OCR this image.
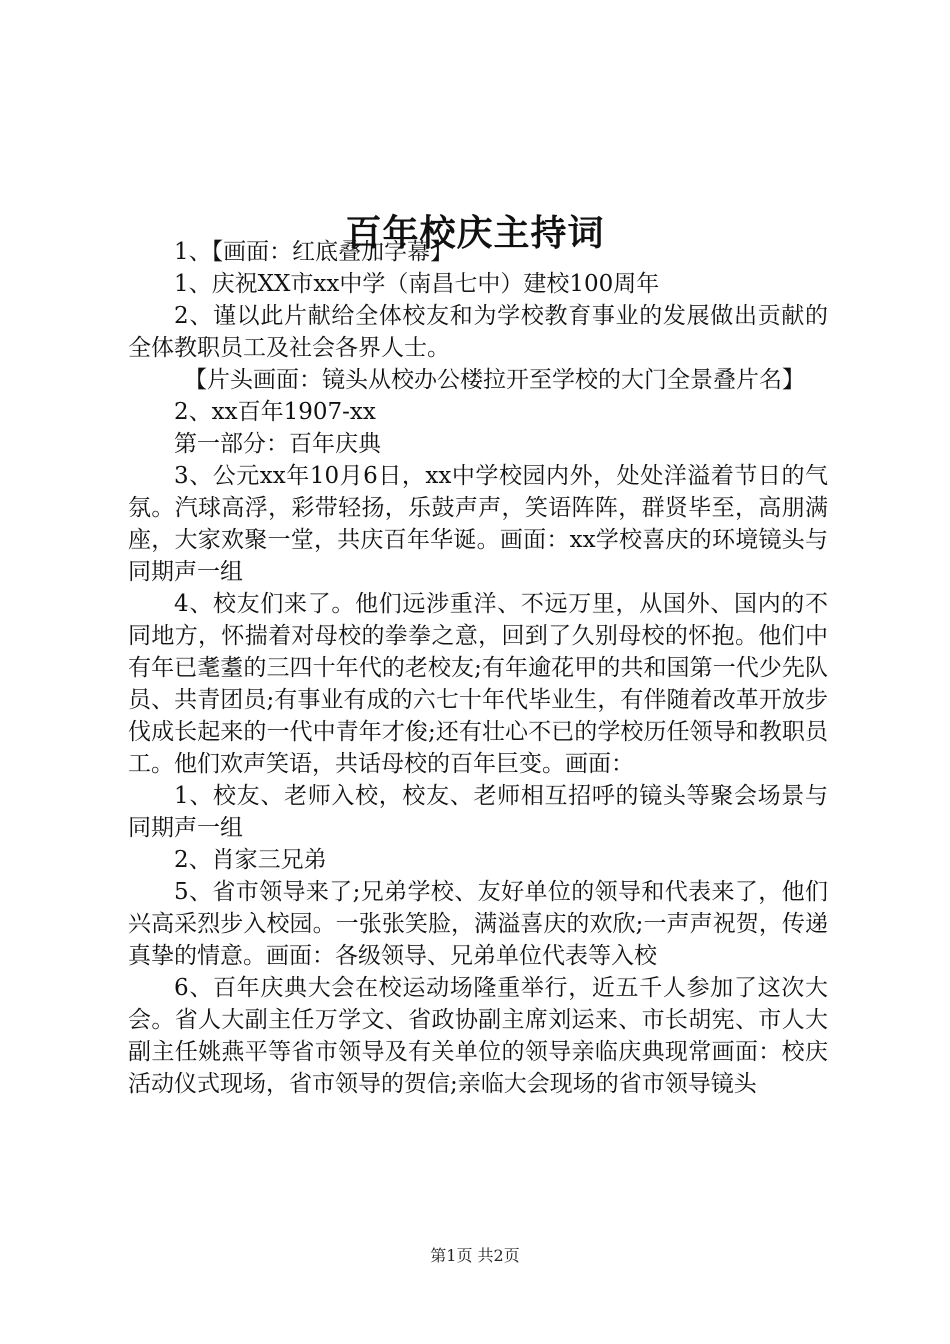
百年校庆主持词

1、【画面：红底叠加字幕】

1、庆祝XX市xx中学（南昌七中）建校100周年

2、谨以此片献给全体校友和为学校教育事业的发展做出贡献的全体教职员工及社会各界人士。

【片头画面：镜头从校办公楼拉开至学校的大门全景叠片名】

2、xx百年1907-xx

第一部分：百年庆典

3、公元xx年10月6日，xx中学校园内外，处处洋溢着节日的气氛。汽球高浮，彩带轻扬，乐鼓声声，笑语阵阵，群贤毕至，高朋满座，大家欢聚一堂，共庆百年华诞。画面：xx学校喜庆的环境镜头与同期声一组

4、校友们来了。他们远涉重洋、不远万里，从国外、国内的不同地方，怀揣着对母校的拳拳之意，回到了久别母校的怀抱。他们中有年已耄耋的三四十年代的老校友;有年逾花甲的共和国第一代少先队员、共青团员;有事业有成的六七十年代毕业生，有伴随着改革开放步伐成长起来的一代中青年才俊;还有壮心不已的学校历任领导和教职员工。他们欢声笑语，共话母校的百年巨变。画面：

1、校友、老师入校，校友、老师相互招呼的镜头等聚会场景与同期声一组

2、肖家三兄弟

5、省市领导来了;兄弟学校、友好单位的领导和代表来了，他们兴高采烈步入校园。一张张笑脸，满溢喜庆的欢欣;一声声祝贺，传递真挚的情意。画面：各级领导、兄弟单位代表等入校

6、百年庆典大会在校运动场隆重举行，近五千人参加了这次大会。省人大副主任万学文、省政协副主席刘运来、市长胡宪、市人大副主任姚燕平等省市领导及有关单位的领导亲临庆典现常画面：校庆活动仪式现场，省市领导的贺信;亲临大会现场的省市领导镜头

第1页 共2页
